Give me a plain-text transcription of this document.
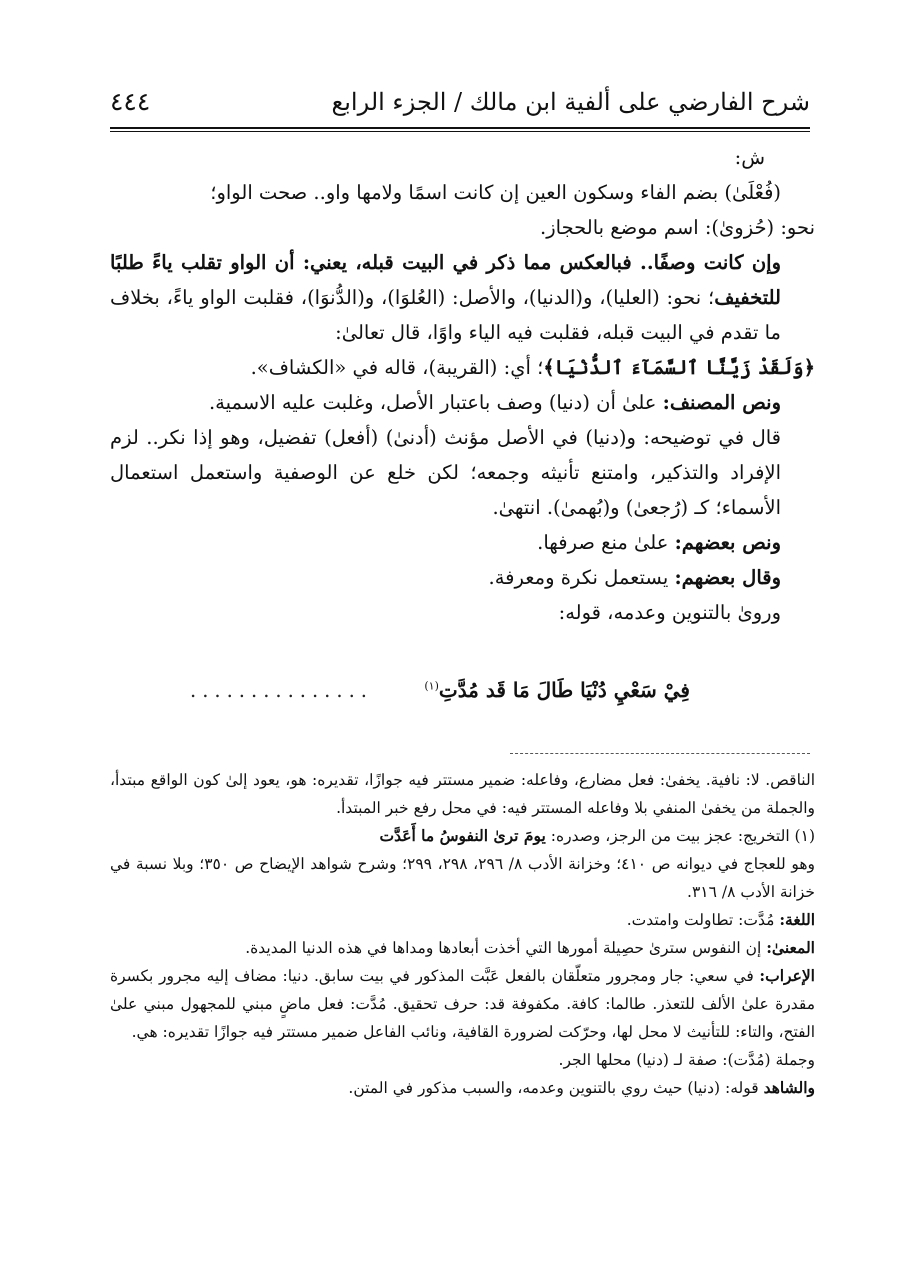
شرح الفارضي على ألفية ابن مالك / الجزء الرابع
٤٤٤

ش:

(فُعْلَىٰ) بضم الفاء وسكون العين إن كانت اسمًا ولامها واو.. صحت الواو؛

نحو: (حُزوىٰ): اسم موضع بالحجاز.

وإن كانت وصفًا.. فبالعكس مما ذكر في البيت قبله، يعني: أن الواو تقلب ياءً طلبًا للتخفيف؛ نحو: (العليا)، و(الدنيا)، والأصل: (العُلوَا)، و(الدُّنوَا)، فقلبت الواو ياءً، بخلاف ما تقدم في البيت قبله، فقلبت فيه الياء واوًا، قال تعالىٰ:

﴿وَلَقَدْ زَيَّنَّا ٱلسَّمَآءَ ٱلدُّنْيَا﴾؛ أي: (القريبة)، قاله في «الكشاف».

ونص المصنف: علىٰ أن (دنيا) وصف باعتبار الأصل، وغلبت عليه الاسمية.

قال في توضيحه: و(دنيا) في الأصل مؤنث (أدنىٰ) (أفعل) تفضيل، وهو إذا نكر.. لزم الإفراد والتذكير، وامتنع تأنيثه وجمعه؛ لكن خلع عن الوصفية واستعمل استعمال الأسماء؛ كـ (رُجعىٰ) و(بُهمىٰ). انتهىٰ.

ونص بعضهم: علىٰ منع صرفها.

وقال بعضهم: يستعمل نكرة ومعرفة.

ورویٰ بالتنوين وعدمه، قوله:

فِيْ سَعْيِ دُنْيَا طَالَ مَا قَد مُدَّتِ$^{(١)}$
...............

الناقص. لا: نافية. يخفىٰ: فعل مضارع، وفاعله: ضمير مستتر فيه جوازًا، تقديره: هو، يعود إلىٰ كون الواقع مبتدأ، والجملة من يخفىٰ المنفي بلا وفاعله المستتر فيه: في محل رفع خبر المبتدأ.

(١) التخريج: عجز بيت من الرجز، وصدره: يومَ ترىٰ النفوسُ ما أَعَدَّت

وهو للعجاج في ديوانه ص ٤١٠؛ وخزانة الأدب ٨/ ٢٩٦، ٢٩٨، ٢٩٩؛ وشرح شواهد الإيضاح ص ٣٥٠؛ وبلا نسبة في خزانة الأدب ٨/ ٣١٦.

اللغة: مُدَّت: تطاولت وامتدت.

المعنىٰ: إن النفوس سترىٰ حصِيلة أمورها التي أخذت أبعادها ومداها في هذه الدنيا المديدة.

الإعراب: في سعي: جار ومجرور متعلّقان بالفعل عَبَّت المذكور في بيت سابق. دنيا: مضاف إليه مجرور بكسرة مقدرة علىٰ الألف للتعذر. طالما: كافة. مكفوفة قد: حرف تحقيق. مُدَّت: فعل ماضٍ مبني للمجهول مبني علىٰ الفتح، والتاء: للتأنيث لا محل لها، وحرّكت لضرورة القافية، ونائب الفاعل ضمير مستتر فيه جوازًا تقديره: هي.

وجملة (مُدَّت): صفة لـ (دنيا) محلها الجر.

والشاهد قوله: (دنيا) حيث روي بالتنوين وعدمه، والسبب مذكور في المتن.
